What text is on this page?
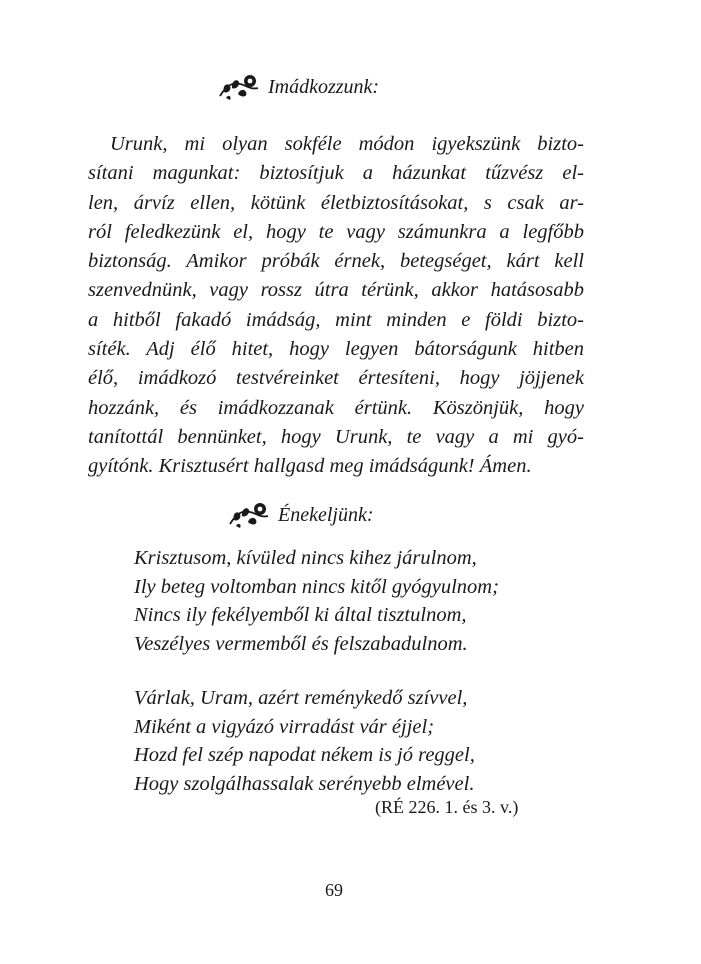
Imádkozzunk:
Urunk, mi olyan sokféle módon igyekszünk bizto-
sítani magunkat: biztosítjuk a házunkat tűzvész el-
len, árvíz ellen, kötünk életbiztosításokat, s csak ar-
ról feledkezünk el, hogy te vagy számunkra a legfőbb
biztonság. Amikor próbák érnek, betegséget, kárt kell
szenvednünk, vagy rossz útra térünk, akkor hatásosabb
a hitből fakadó imádság, mint minden e földi bizto-
síték. Adj élő hitet, hogy legyen bátorságunk hitben
élő, imádkozó testvéreinket értesíteni, hogy jöjjenek
hozzánk, és imádkozzanak értünk. Köszönjük, hogy
tanítottál bennünket, hogy Urunk, te vagy a mi gyó-
gyítónk. Krisztusért hallgasd meg imádságunk! Ámen.
Énekeljünk:
Krisztusom, kívüled nincs kihez járulnom,
Ily beteg voltomban nincs kitől gyógyulnom;
Nincs ily fekélyemből ki által tisztulnom,
Veszélyes vermemből és felszabadulnom.
Várlak, Uram, azért reménykedő szívvel,
Miként a vigyázó virradást vár éjjel;
Hozd fel szép napodat nékem is jó reggel,
Hogy szolgálhassalak serényebb elmével.
(RÉ 226. 1. és 3. v.)
69
